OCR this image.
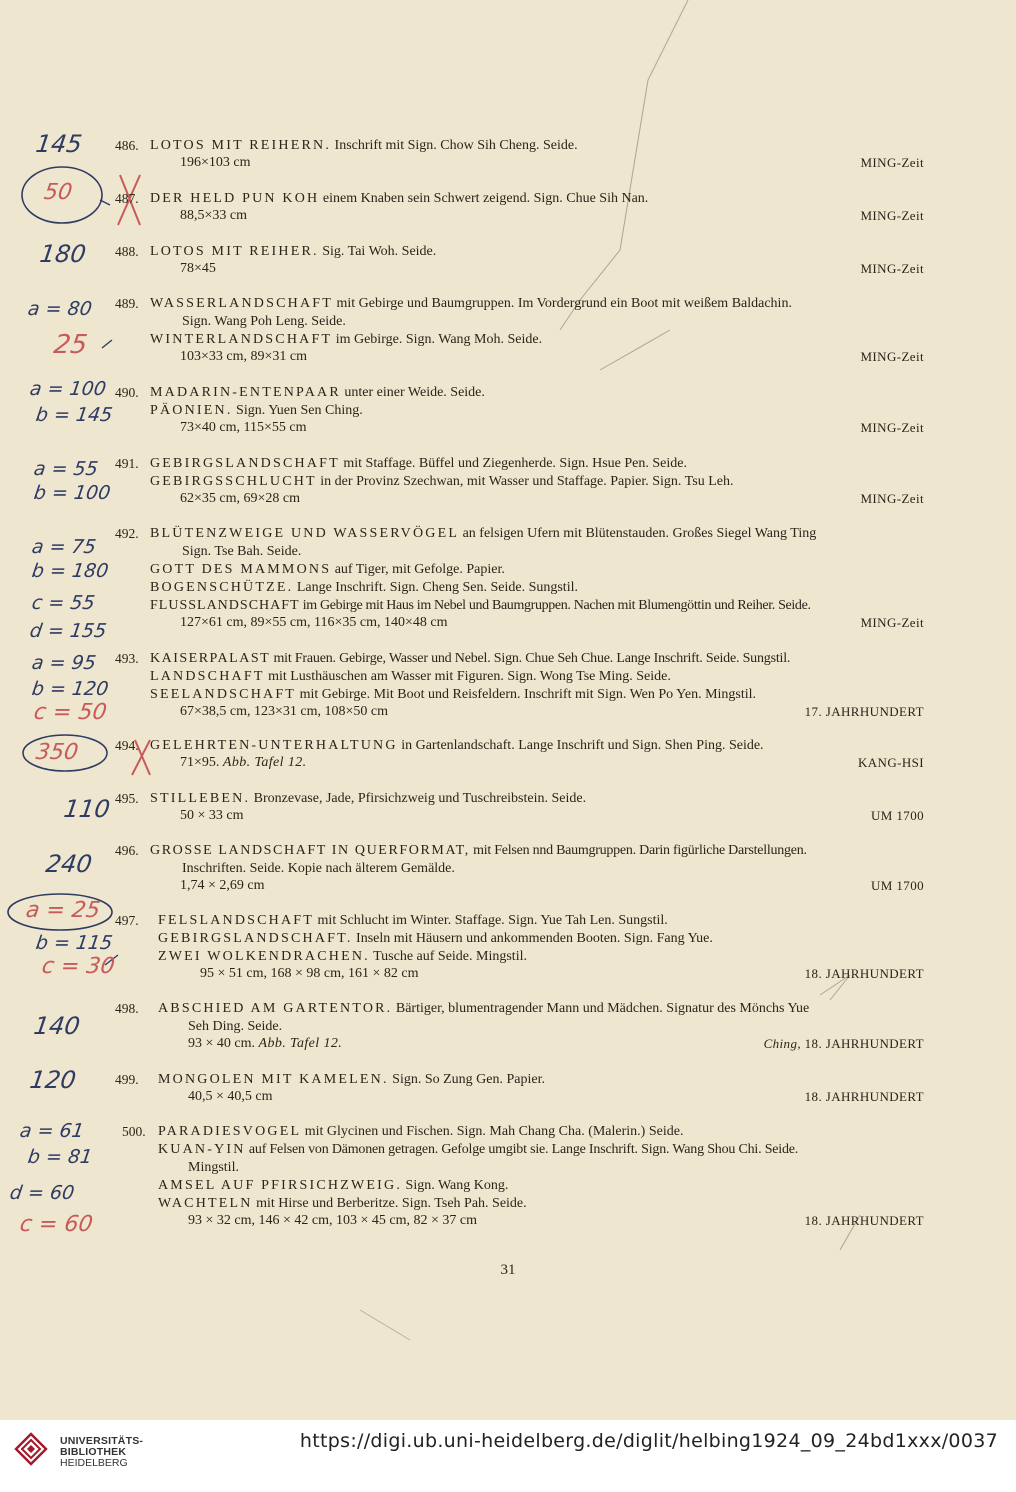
486. LOTOS MIT REIHERN. Inschrift mit Sign. Chow Sih Cheng. Seide.
196×103 cm	MING-Zeit
487. DER HELD PUN KOH einem Knaben sein Schwert zeigend. Sign. Chue Sih Nan.
88,5×33 cm	MING-Zeit
488. LOTOS MIT REIHER. Sig. Tai Woh. Seide.
78×45	MING-Zeit
489. WASSERLANDSCHAFT mit Gebirge und Baumgruppen. Im Vordergrund ein Boot mit weißem Baldachin.
Sign. Wang Poh Leng. Seide.
WINTERLANDSCHAFT im Gebirge. Sign. Wang Moh. Seide.
103×33 cm, 89×31 cm	MING-Zeit
490. MADARIN-ENTENPAAR unter einer Weide. Seide.
PÄONIEN. Sign. Yuen Sen Ching.
73×40 cm, 115×55 cm	MING-Zeit
491. GEBIRGSLANDSCHAFT mit Staffage. Büffel und Ziegenherde. Sign. Hsue Pen. Seide.
GEBIRGSSCHLUCHT in der Provinz Szechwan, mit Wasser und Staffage. Papier. Sign. Tsu Leh.
62×35 cm, 69×28 cm	MING-Zeit
492. BLÜTENZWEIGE UND WASSERVÖGEL an felsigen Ufern mit Blütenstauden. Großes Siegel Wang Ting
Sign. Tse Bah. Seide.
GOTT DES MAMMONS auf Tiger, mit Gefolge. Papier.
BOGENSCHÜTZE. Lange Inschrift. Sign. Cheng Sen. Seide. Sungstil.
FLUSSLANDSCHAFT im Gebirge mit Haus im Nebel und Baumgruppen. Nachen mit Blumengöttin und Reiher. Seide.
127×61 cm, 89×55 cm, 116×35 cm, 140×48 cm	MING-Zeit
493. KAISERPALAST mit Frauen. Gebirge, Wasser und Nebel. Sign. Chue Seh Chue. Lange Inschrift. Seide. Sungstil.
LANDSCHAFT mit Lusthäuschen am Wasser mit Figuren. Sign. Wong Tse Ming. Seide.
SEELANDSCHAFT mit Gebirge. Mit Boot und Reisfeldern. Inschrift mit Sign. Wen Po Yen. Mingstil.
67×38,5 cm, 123×31 cm, 108×50 cm	17. JAHRHUNDERT
494. GELEHRTEN-UNTERHALTUNG in Gartenlandschaft. Lange Inschrift und Sign. Shen Ping. Seide.
71×95. Abb. Tafel 12.	KANG-HSI
495. STILLEBEN. Bronzevase, Jade, Pfirsichzweig und Tuschreibstein. Seide.
50 × 33 cm	UM 1700
496. GROSSE LANDSCHAFT IN QUERFORMAT, mit Felsen nnd Baumgruppen. Darin figürliche Darstellungen.
Inschriften. Seide. Kopie nach älterem Gemälde.
1,74 × 2,69 cm	UM 1700
497.	FELSLANDSCHAFT mit Schlucht im Winter. Staffage. Sign. Yue Tah Len. Sungstil.
GEBIRGSLANDSCHAFT. Inseln mit Häusern und ankommenden Booten. Sign. Fang Yue.
ZWEI WOLKENDRACHEN. Tusche auf Seide. Mingstil.
95 × 51 cm, 168 × 98 cm, 161 × 82 cm	18. JAHRHUNDERT
498.	ABSCHIED AM GARTENTOR. Bärtiger, blumentragender Mann und Mädchen. Signatur des Mönchs Yue
Seh Ding. Seide.
93 × 40 cm. Abb. Tafel 12.	Ching, 18. JAHRHUNDERT
499.	MONGOLEN MIT KAMELEN. Sign. So Zung Gen. Papier.
40,5 × 40,5 cm	18. JAHRHUNDERT
500. PARADIESVOGEL mit Glycinen und Fischen. Sign. Mah Chang Cha. (Malerin.) Seide.
KUAN-YIN auf Felsen von Dämonen getragen. Gefolge umgibt sie. Lange Inschrift. Sign. Wang Shou Chi. Seide.
Mingstil.
AMSEL AUF PFIRSICHZWEIG. Sign. Wang Kong.
WACHTELN mit Hirse und Berberitze. Sign. Tseh Pah. Seide.
93 × 32 cm, 146 × 42 cm, 103 × 45 cm, 82 × 37 cm	18. JAHRHUNDERT
145
50
180
a = 80
25
a = 100
b = 145
a = 55
b = 100
a = 75
b = 180
c = 55
d = 155
a = 95
b = 120
c = 50
350
110
240
a = 25
b = 115
c = 30
140
120
a = 61
b = 81
d = 60
c = 60
31
UNIVERSITÄTS-
BIBLIOTHEK
HEIDELBERG
https://digi.ub.uni-heidelberg.de/diglit/helbing1924_09_24bd1xxx/0037
